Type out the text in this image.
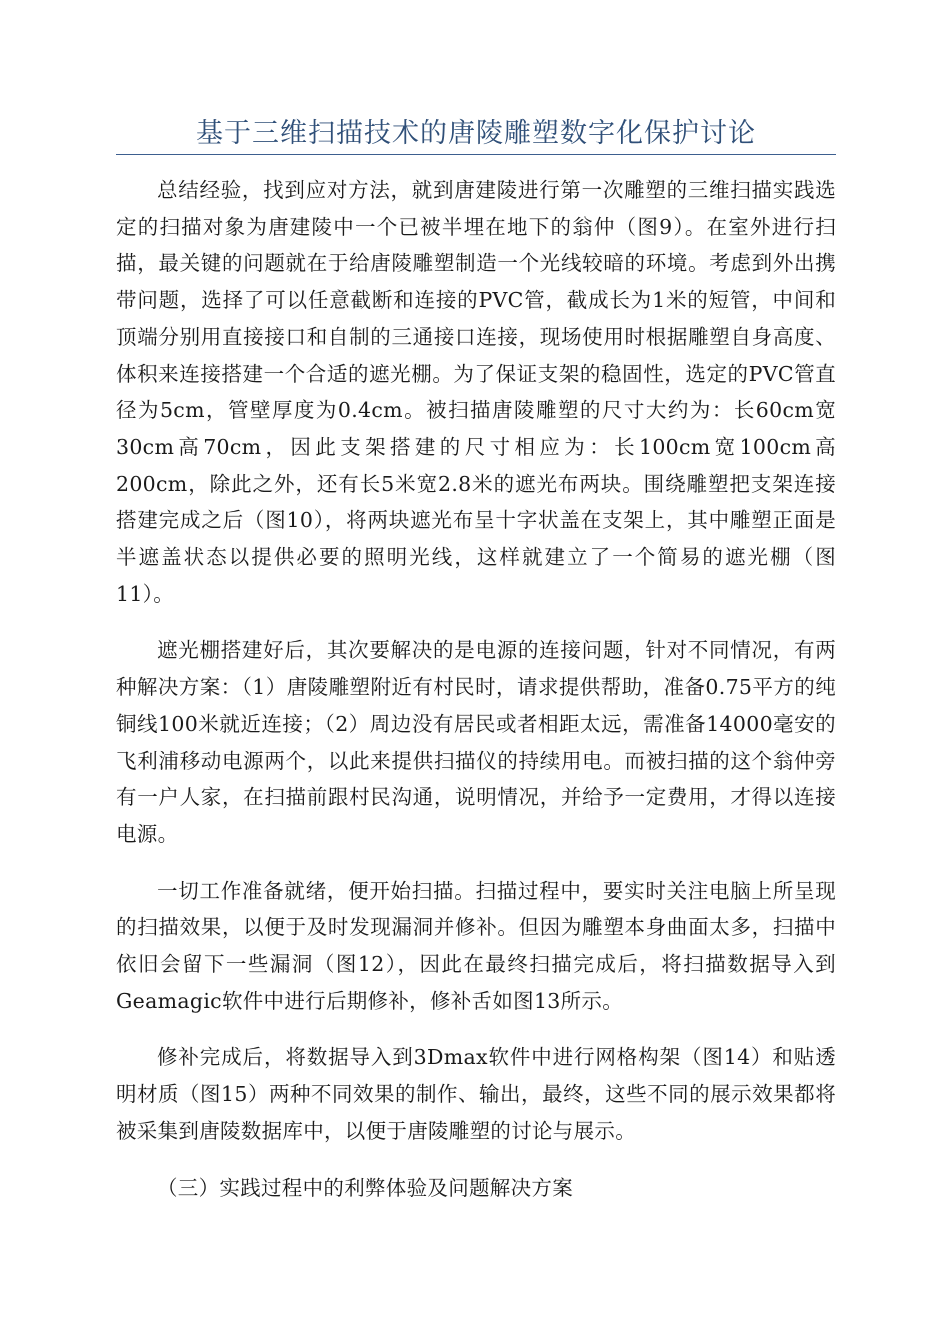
基于三维扫描技术的唐陵雕塑数字化保护讨论

总结经验，找到应对方法，就到唐建陵进行第一次雕塑的三维扫描实践选定的扫描对象为唐建陵中一个已被半埋在地下的翁仲（图9）。在室外进行扫描，最关键的问题就在于给唐陵雕塑制造一个光线较暗的环境。考虑到外出携带问题，选择了可以任意截断和连接的PVC管，截成长为1米的短管，中间和顶端分别用直接接口和自制的三通接口连接，现场使用时根据雕塑自身高度、体积来连接搭建一个合适的遮光棚。为了保证支架的稳固性，选定的PVC管直径为5cm，管壁厚度为0.4cm。被扫描唐陵雕塑的尺寸大约为：长60cm宽30cm高70cm，因此支架搭建的尺寸相应为：长100cm宽100cm高200cm，除此之外，还有长5米宽2.8米的遮光布两块。围绕雕塑把支架连接搭建完成之后（图10），将两块遮光布呈十字状盖在支架上，其中雕塑正面是半遮盖状态以提供必要的照明光线，这样就建立了一个简易的遮光棚（图11）。

遮光棚搭建好后，其次要解决的是电源的连接问题，针对不同情况，有两种解决方案：（1）唐陵雕塑附近有村民时，请求提供帮助，准备0.75平方的纯铜线100米就近连接；（2）周边没有居民或者相距太远，需准备14000毫安的飞利浦移动电源两个，以此来提供扫描仪的持续用电。而被扫描的这个翁仲旁有一户人家，在扫描前跟村民沟通，说明情况，并给予一定费用，才得以连接电源。

一切工作准备就绪，便开始扫描。扫描过程中，要实时关注电脑上所呈现的扫描效果，以便于及时发现漏洞并修补。但因为雕塑本身曲面太多，扫描中依旧会留下一些漏洞（图12），因此在最终扫描完成后，将扫描数据导入到Geamagic软件中进行后期修补，修补舌如图13所示。

修补完成后，将数据导入到3Dmax软件中进行网格构架（图14）和贴透明材质（图15）两种不同效果的制作、输出，最终，这些不同的展示效果都将被采集到唐陵数据库中，以便于唐陵雕塑的讨论与展示。

（三）实践过程中的利弊体验及问题解决方案
